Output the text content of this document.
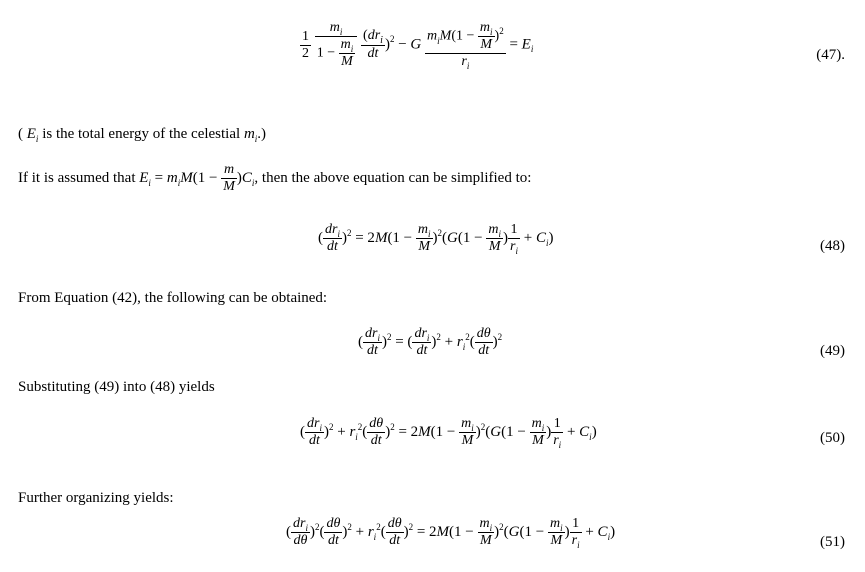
$\frac{1}{2}$
$\frac{m_i}{1 - \frac{m_i}{M}}$
$\frac{(dr_i}{dt} )^2 - G \frac{m_iM(1 - \frac{m_i}{M} )^2}{r_i} = E_i$	(47).
( $E_i$ is the total energy of the celestial $m_i$.)
If it is assumed that $E_i = m_iM(1 - \frac{m}{M} )C_i$, then the above equation can be simplified to:
( $\frac{dr_i}{dt} )^2 = 2M(1 - \frac{m_i}{M} )^2(G(1 - \frac{m_i}{M}$ ) $\frac{1}{r_i} + C_i$)
(48)
From Equation (42), the following can be obtained:
( $\frac{dr_i}{dt} )^2$ = ( $\frac{dr_i}{dt} )^2 + r_i^2( \frac{d\theta}{dt} )^2$
(49)
Substituting (49) into (48) yields
( $\frac{dr_i}{dt} )^2 + r_i^2( \frac{d\theta}{dt} )^2 = 2M(1 - \frac{m_i}{M} )^2(G(1 - \frac{m_i}{M}$ ) $\frac{1}{r_i} + C_i$)	(50)
Further organizing yields:
( $\frac{dr_i}{d\theta} )^2( \frac{d\theta}{dt} )^2 + r_i^2( \frac{d\theta}{dt} )^2 = 2M(1 - \frac{m_i}{M} )^2(G(1 - \frac{m_i}{M}$ ) $\frac{1}{r_i} + C_i$)
(51)
